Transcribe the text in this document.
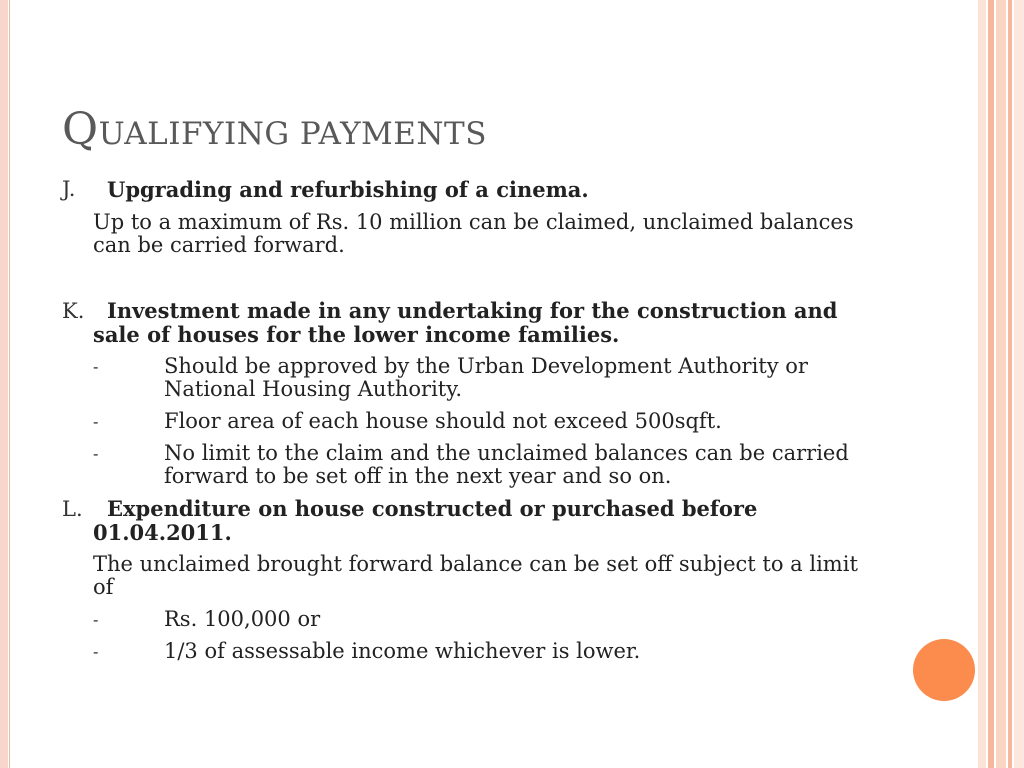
QUALIFYING PAYMENTS
J.	Upgrading and refurbishing of a cinema.
Up to a maximum of Rs. 10 million can be claimed, unclaimed balances can be carried forward.
K. Investment made in any undertaking for the construction and sale of houses for the lower income families.
-	Should be approved by the Urban Development Authority or National Housing Authority.
-	Floor area of each house should not exceed 500sqft.
-	No limit to the claim and the unclaimed balances can be carried forward to be set off in the next year and so on.
L. Expenditure on house constructed or purchased before 01.04.2011.
The unclaimed brought forward balance can be set off subject to a limit of
-	Rs. 100,000 or
-	1/3 of assessable income whichever is lower.
